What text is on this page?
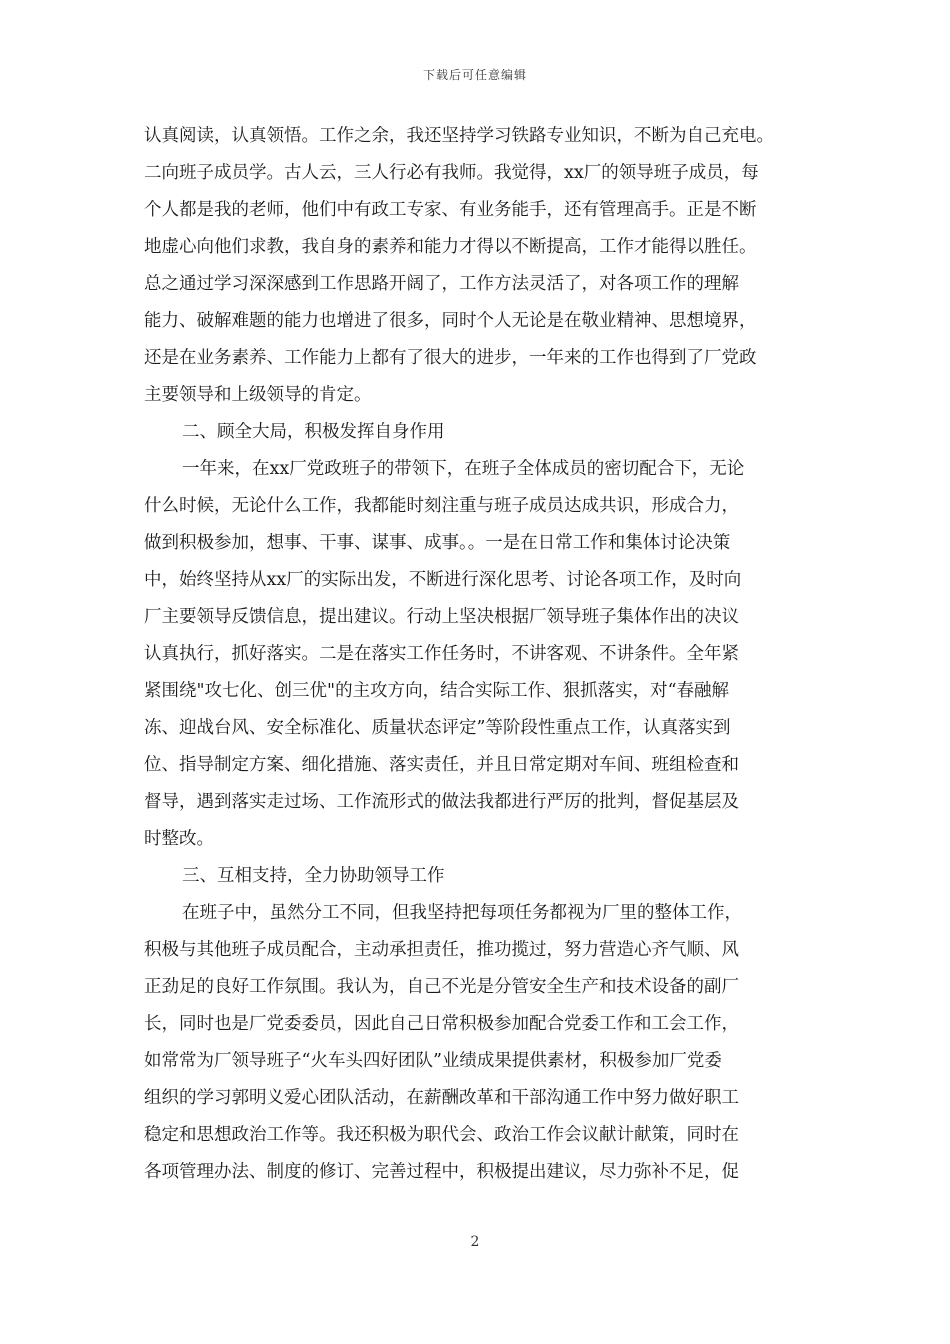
下载后可任意编辑
认真阅读，认真领悟。工作之余，我还坚持学习铁路专业知识，不断为自己充电。
二向班子成员学。古人云，三人行必有我师。我觉得，xx厂的领导班子成员，每
个人都是我的老师，他们中有政工专家、有业务能手，还有管理高手。正是不断
地虚心向他们求教，我自身的素养和能力才得以不断提高，工作才能得以胜任。
总之通过学习深深感到工作思路开阔了，工作方法灵活了，对各项工作的理解
能力、破解难题的能力也增进了很多，同时个人无论是在敬业精神、思想境界，
还是在业务素养、工作能力上都有了很大的进步，一年来的工作也得到了厂党政
主要领导和上级领导的肯定。
二、顾全大局，积极发挥自身作用
一年来，在xx厂党政班子的带领下，在班子全体成员的密切配合下，无论
什么时候，无论什么工作，我都能时刻注重与班子成员达成共识，形成合力，
做到积极参加，想事、干事、谋事、成事。。一是在日常工作和集体讨论决策
中，始终坚持从xx厂的实际出发，不断进行深化思考、讨论各项工作，及时向
厂主要领导反馈信息，提出建议。行动上坚决根据厂领导班子集体作出的决议
认真执行，抓好落实。二是在落实工作任务时，不讲客观、不讲条件。全年紧
紧围绕"攻七化、创三优"的主攻方向，结合实际工作、狠抓落实，对“春融解
冻、迎战台风、安全标准化、质量状态评定”等阶段性重点工作，认真落实到
位、指导制定方案、细化措施、落实责任，并且日常定期对车间、班组检查和
督导，遇到落实走过场、工作流形式的做法我都进行严厉的批判，督促基层及
时整改。
三、互相支持，全力协助领导工作
在班子中，虽然分工不同，但我坚持把每项任务都视为厂里的整体工作，
积极与其他班子成员配合，主动承担责任，推功揽过，努力营造心齐气顺、风
正劲足的良好工作氛围。我认为，自己不光是分管安全生产和技术设备的副厂
长，同时也是厂党委委员，因此自己日常积极参加配合党委工作和工会工作，
如常常为厂领导班子“火车头四好团队”业绩成果提供素材，积极参加厂党委
组织的学习郭明义爱心团队活动，在薪酬改革和干部沟通工作中努力做好职工
稳定和思想政治工作等。我还积极为职代会、政治工作会议献计献策，同时在
各项管理办法、制度的修订、完善过程中，积极提出建议，尽力弥补不足，促
2
